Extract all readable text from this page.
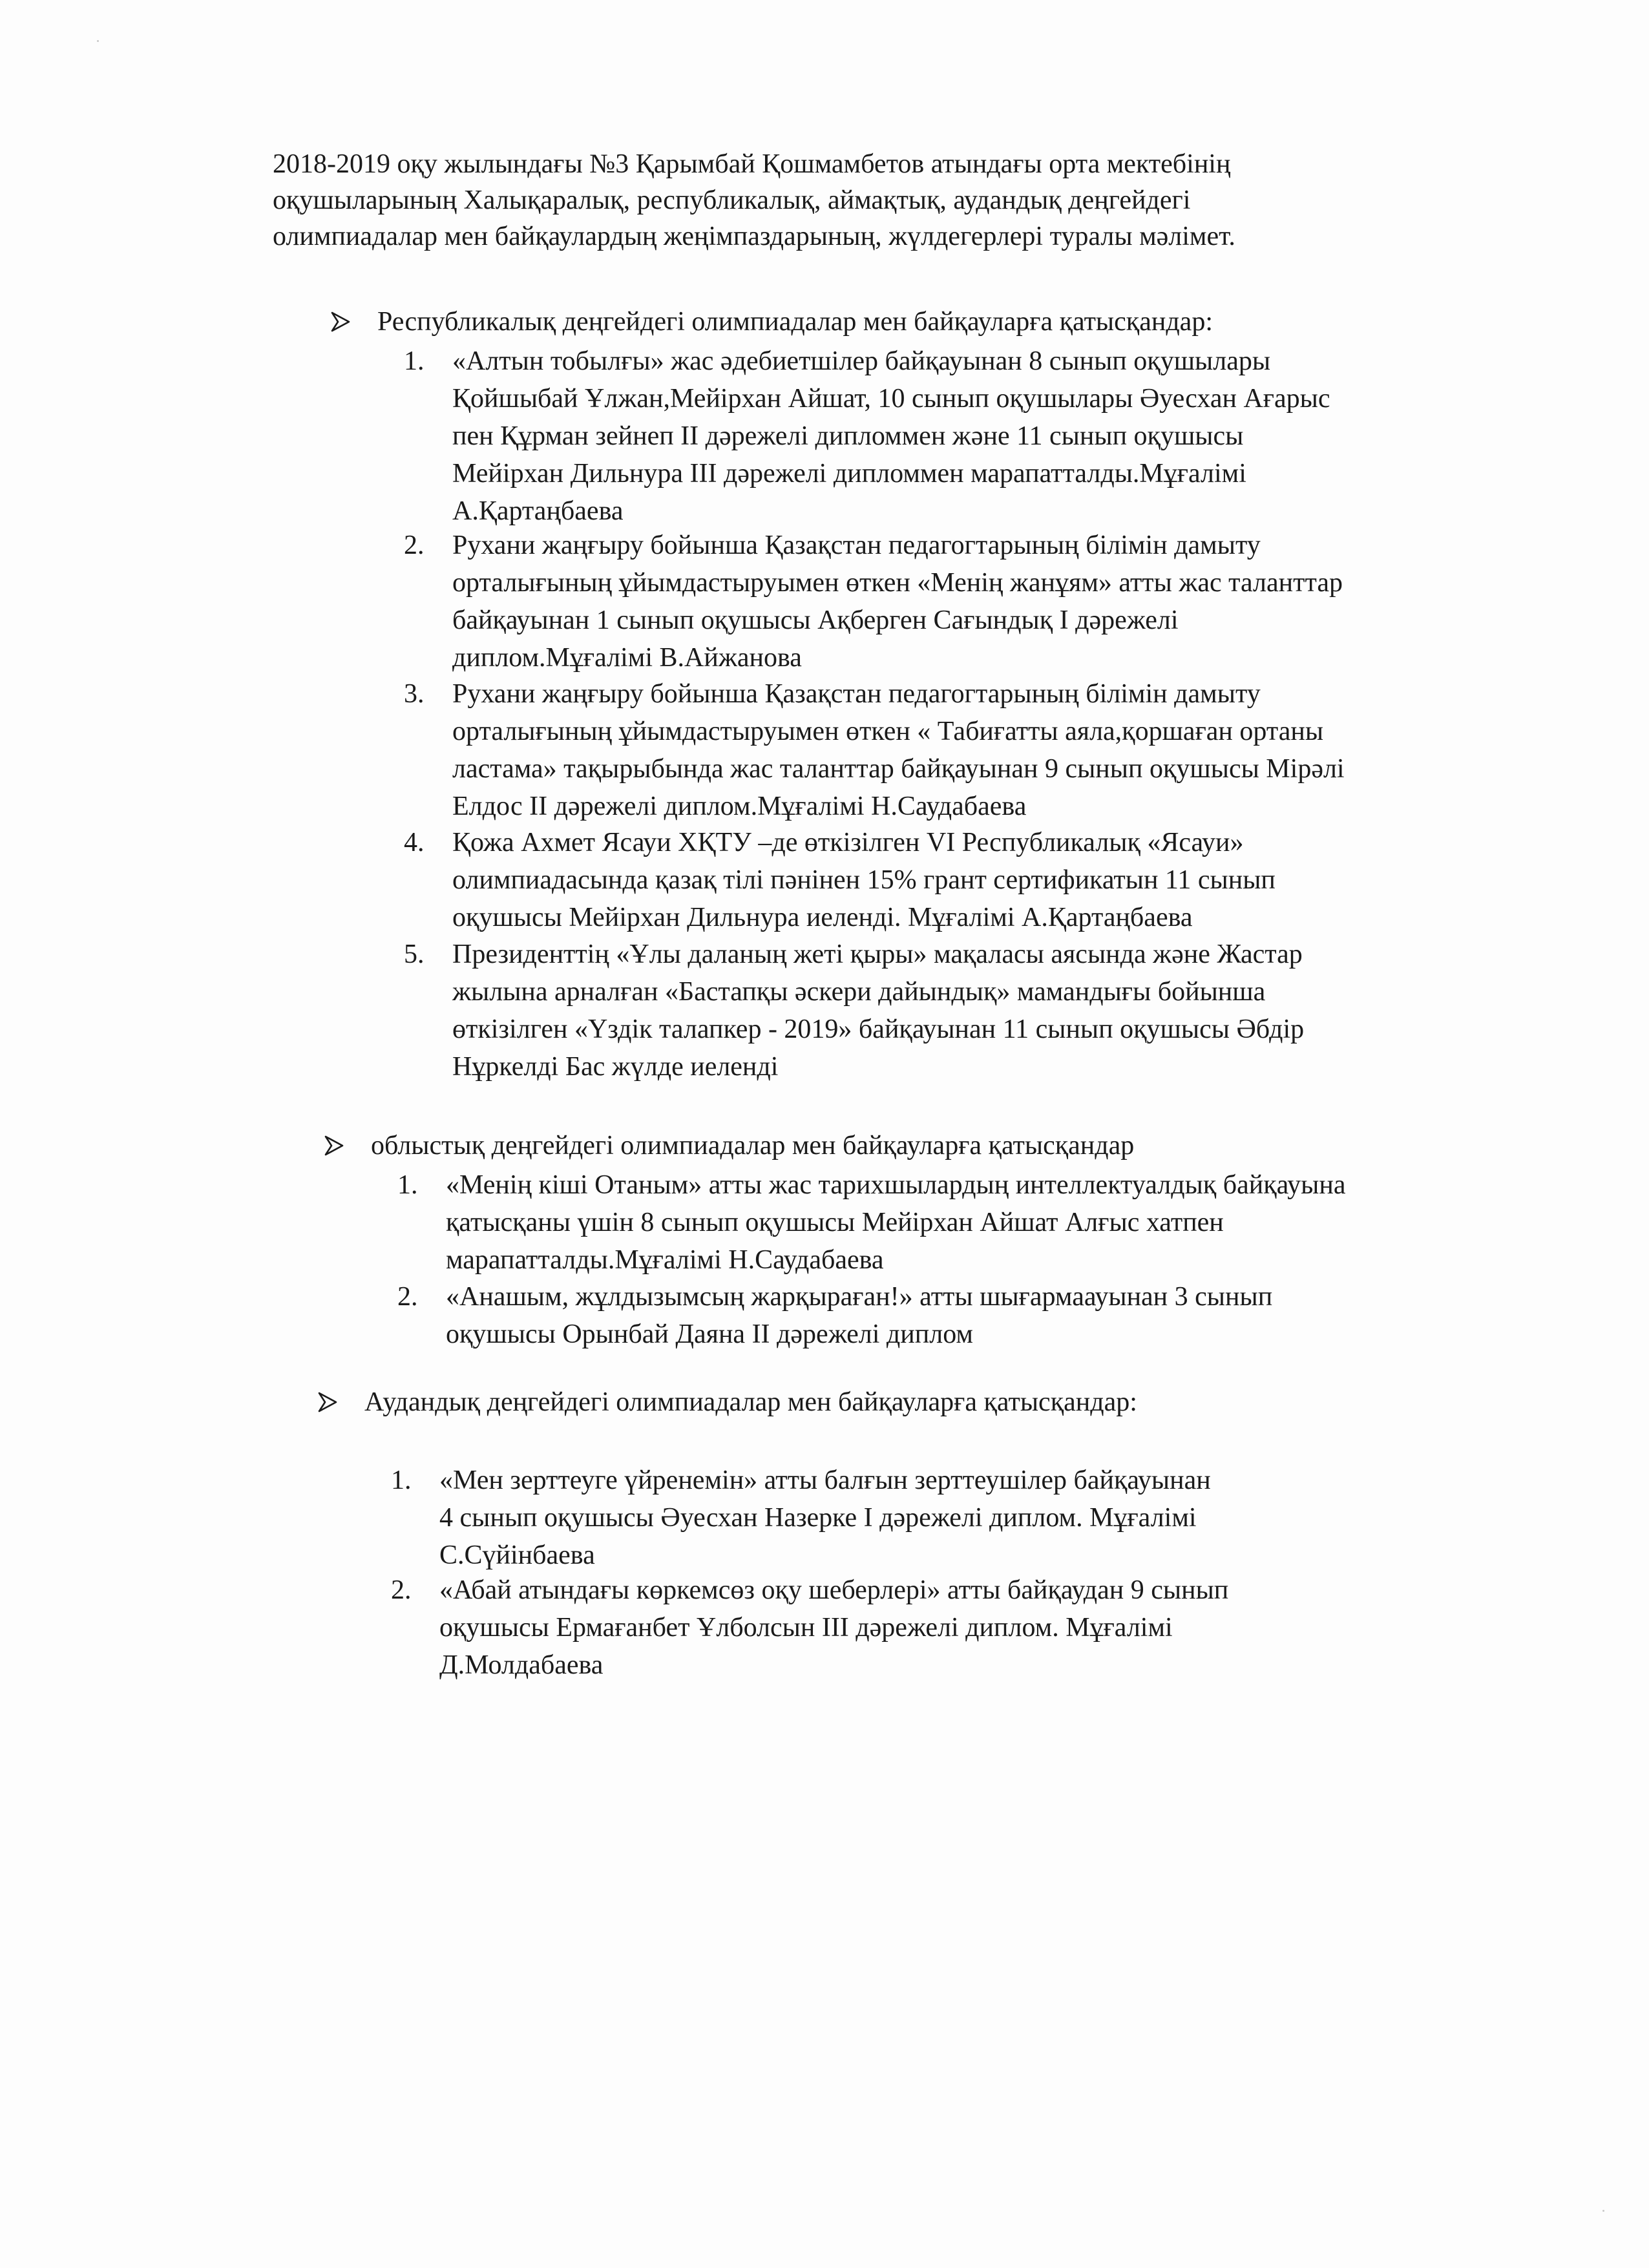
2018-2019 оқу жылындағы №3 Қарымбай Қошмамбетов атындағы орта мектебінің
оқушыларының Халықаралық, республикалық, аймақтық, аудандық деңгейдегі
олимпиадалар мен байқаулардың жеңімпаздарының, жүлдегерлері туралы мәлімет.
Республикалық деңгейдегі олимпиадалар мен байқауларға қатысқандар:
1. «Алтын тобылғы» жас әдебиетшілер байқауынан 8 сынып оқушылары
Қойшыбай Ұлжан,Мейірхан Айшат, 10 сынып оқушылары Әуесхан Ағарыс
пен Құрман зейнеп II дәрежелі дипломмен және 11 сынып оқушысы
Мейірхан Дильнура III дәрежелі дипломмен марапатталды.Мұғалімі
А.Қартаңбаева
2. Рухани жаңғыру бойынша Қазақстан педагогтарының білімін дамыту
орталығының ұйымдастыруымен өткен «Менің жанұям» атты жас таланттар
байқауынан 1 сынып оқушысы Ақберген Сағындық I дәрежелі
диплом.Мұғалімі В.Айжанова
3. Рухани жаңғыру бойынша Қазақстан педагогтарының білімін дамыту
орталығының ұйымдастыруымен өткен « Табиғатты аяла,қоршаған ортаны
ластама» тақырыбында жас таланттар байқауынан 9 сынып оқушысы Мірәлі
Елдос II дәрежелі диплом.Мұғалімі Н.Саудабаева
4. Қожа Ахмет Ясауи ХҚТУ –де өткізілген VI Республикалық «Ясауи»
олимпиадасында қазақ тілі пәнінен 15% грант сертификатын 11 сынып
оқушысы Мейірхан Дильнура иеленді. Мұғалімі А.Қартаңбаева
5. Президенттің «Ұлы даланың жеті қыры» мақаласы аясында және Жастар
жылына арналған «Бастапқы әскери дайындық» мамандығы бойынша
өткізілген «Үздік талапкер - 2019» байқауынан 11 сынып оқушысы Әбдір
Нұркелді Бас жүлде иеленді
облыстық деңгейдегі олимпиадалар мен байқауларға қатысқандар
1. «Менің кіші Отаным» атты жас тарихшылардың интеллектуалдық байқауына
қатысқаны үшін 8 сынып оқушысы Мейірхан Айшат Алғыс хатпен
марапатталды.Мұғалімі Н.Саудабаева
2. «Анашым, жұлдызымсың жарқыраған!» атты шығармаауынан 3 сынып
оқушысы Орынбай Даяна II дәрежелі диплом
Аудандық деңгейдегі олимпиадалар мен байқауларға қатысқандар:
1. «Мен зерттеуге үйренемін» атты балғын зерттеушілер байқауынан
4 сынып оқушысы Әуесхан Назерке I дәрежелі диплом. Мұғалімі
С.Сүйінбаева
2. «Абай атындағы көркемсөз оқу шеберлері» атты байқаудан 9 сынып
оқушысы Ермағанбет Ұлболсын III дәрежелі диплом. Мұғалімі
Д.Молдабаева
